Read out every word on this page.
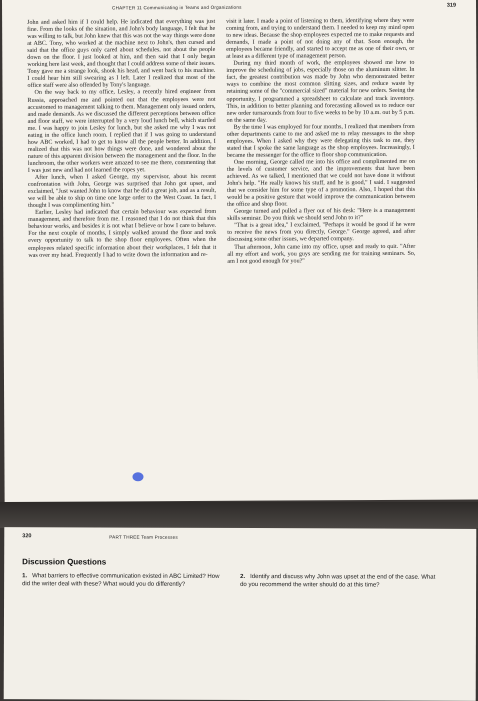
CHAPTER 11 Communicating in Teams and Organizations	319

John and asked him if I could help. He indicated that everything was just fine. From the looks of the situation, and John's body language, I felt that he was willing to talk, but John knew that this was not the way things were done at ABC. Tony, who worked at the machine next to John's, then cursed and said that the office guys only cared about schedules, not about the people down on the floor. I just looked at him, and then said that I only began working here last week, and thought that I could address some of their issues. Tony gave me a strange look, shook his head, and went back to his machine. I could hear him still swearing as I left. Later I realized that most of the office staff were also offended by Tony's language.

On the way back to my office, Lesley, a recently hired engineer from Russia, approached me and pointed out that the employees were not accustomed to management talking to them. Management only issued orders, and made demands. As we discussed the different perceptions between office and floor staff, we were interrupted by a very loud lunch bell, which startled me. I was happy to join Lesley for lunch, but she asked me why I was not eating in the office lunch room. I replied that if I was going to understand how ABC worked, I had to get to know all the people better. In addition, I realized that this was not how things were done, and wondered about the nature of this apparent division between the management and the floor. In the lunchroom, the other workers were amazed to see me there, commenting that I was just new and had not learned the ropes yet.

After lunch, when I asked George, my supervisor, about his recent confrontation with John, George was surprised that John got upset, and exclaimed, "Just wanted John to know that he did a great job, and as a result, we will be able to ship on time one large order to the West Coast. In fact, I thought I was complimenting him."

Earlier, Lesley had indicated that certain behaviour was expected from management, and therefore from me. I reasoned that I do not think that this behaviour works, and besides it is not what I believe or how I care to behave. For the next couple of months, I simply walked around the floor and took every opportunity to talk to the shop floor employees. Often when the employees related specific information about their workplaces, I felt that it was over my head. Frequently I had to write down the information and re-

visit it later. I made a point of listening to them, identifying where they were coming from, and trying to understand them. I needed to keep my mind open to new ideas. Because the shop employees expected me to make requests and demands, I made a point of not doing any of that. Soon enough, the employees became friendly, and started to accept me as one of their own, or at least as a different type of management person.

During my third month of work, the employees showed me how to improve the scheduling of jobs, especially those on the aluminum slitter. In fact, the greatest contribution was made by John who demonstrated better ways to combine the most common slitting sizes, and reduce waste by retaining some of the "commercial sized" material for new orders. Seeing the opportunity, I programmed a spreadsheet to calculate and track inventory. This, in addition to better planning and forecasting allowed us to reduce our new order turnarounds from four to five weeks to be by 10 a.m. out by 5 p.m. on the same day.

By the time I was employed for four months, I realized that members from other departments came to me and asked me to relay messages to the shop employees. When I asked why they were delegating this task to me, they stated that I spoke the same language as the shop employees. Increasingly, I became the messenger for the office to floor shop communication.

One morning, George called me into his office and complimented me on the levels of customer service, and the improvements that have been achieved. As we talked, I mentioned that we could not have done it without John's help. "He really knows his stuff, and he is good," I said. I suggested that we consider him for some type of a promotion. Also, I hoped that this would be a positive gesture that would improve the communication between the office and shop floor.

George turned and pulled a flyer out of his desk: "Here is a management skills seminar. Do you think we should send John to it?"

"That is a great idea," I exclaimed, "Perhaps it would be good if he were to receive the news from you directly, George." George agreed, and after discussing some other issues, we departed company.

That afternoon, John came into my office, upset and ready to quit. "After all my effort and work, you guys are sending me for training seminars. So, am I not good enough for you?"

320	PART THREE Team Processes
Discussion Questions
1. What barriers to effective communication existed in ABC Limited? How did the writer deal with these? What would you do differently?
2. Identify and discuss why John was upset at the end of the case. What do you recommend the writer should do at this time?
